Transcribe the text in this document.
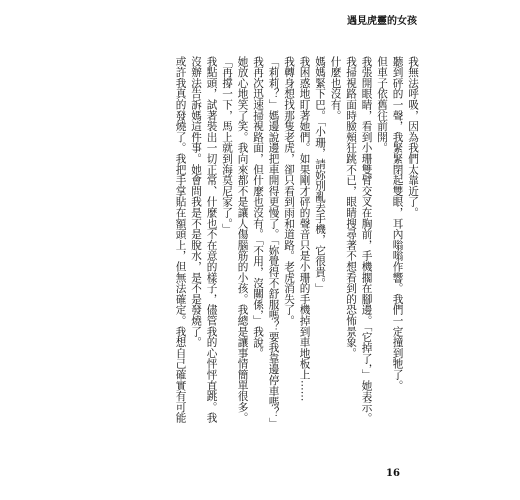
遇見虎靈的女孩
我無法呼吸，因為我們太靠近了。
聽到砰的一聲，我緊緊閉起雙眼，耳內嗡嗡作響。我們一定撞到牠了。
但車子依舊往前開。
我張開眼睛，看到小珊雙臂交叉在胸前，手機擱在腳邊。「它掉了，」她表示。
我掃視路面時臉頰狂跳不已，眼睛搜尋著不想看到的恐怖景象。
什麼也沒有。
媽媽緊下巴。「小珊，請妳別亂丟手機，它很貴。」
我困惑地盯著她們。如果剛才砰的聲音只是小珊的手機掉到車地板上……
我轉身想找那隻老虎，卻只看到雨和道路。老虎消失了。
「莉莉？」媽邊說邊把車開得更慢了。「妳覺得不舒服嗎？要我靠邊停車嗎？」
我再次迅速掃視路面，但什麼也沒有。「不用，沒關係，」我說。
她放心地笑了笑。我向來都不是讓人傷腦筋的小孩。我總是讓事情簡單很多。
「再撐一下，馬上就到海莫尼家了。」
我點頭，試著裝出一切正常、什麼也不在意的樣子，儘管我的心怦怦直跳。我
沒辦法告訴媽這件事。她會問我是不是脫水，是不是發燒了。
或許我真的發燒了。我把手掌貼在額頭上，但無法確定。我想自己確實有可能
16
